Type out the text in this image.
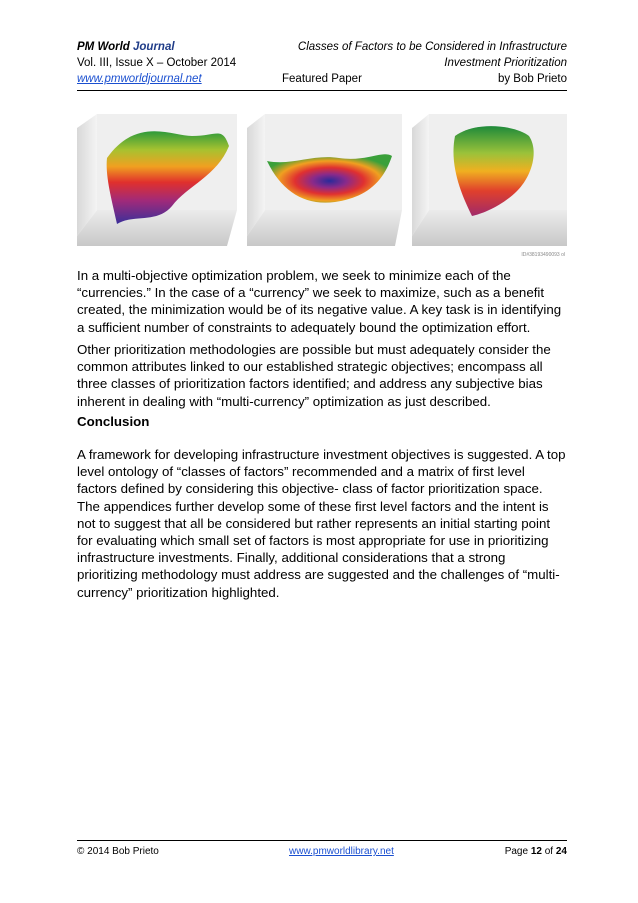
PM World Journal	Classes of Factors to be Considered in Infrastructure
Vol. III, Issue X – October 2014	Investment Prioritization
www.pmworldjournal.net	Featured Paper	by Bob Prieto
ID#38193490093 ol
In a multi-objective optimization problem, we seek to minimize each of the “currencies.” In the case of a “currency” we seek to maximize, such as a benefit created, the minimization would be of its negative value. A key task is in identifying a sufficient number of constraints to adequately bound the optimization effort.
Other prioritization methodologies are possible but must adequately consider the common attributes linked to our established strategic objectives; encompass all three classes of prioritization factors identified; and address any subjective bias inherent in dealing with “multi-currency” optimization as just described.
Conclusion
A framework for developing infrastructure investment objectives is suggested. A top level ontology of “classes of factors” recommended and a matrix of first level factors defined by considering this objective- class of factor prioritization space. The appendices further develop some of these first level factors and the intent is not to suggest that all be considered but rather represents an initial starting point for evaluating which small set of factors is most appropriate for use in prioritizing infrastructure investments. Finally, additional considerations that a strong prioritizing methodology must address are suggested and the challenges of “multi-currency” prioritization highlighted.
© 2014 Bob Prieto	www.pmworldlibrary.net	Page 12 of 24
